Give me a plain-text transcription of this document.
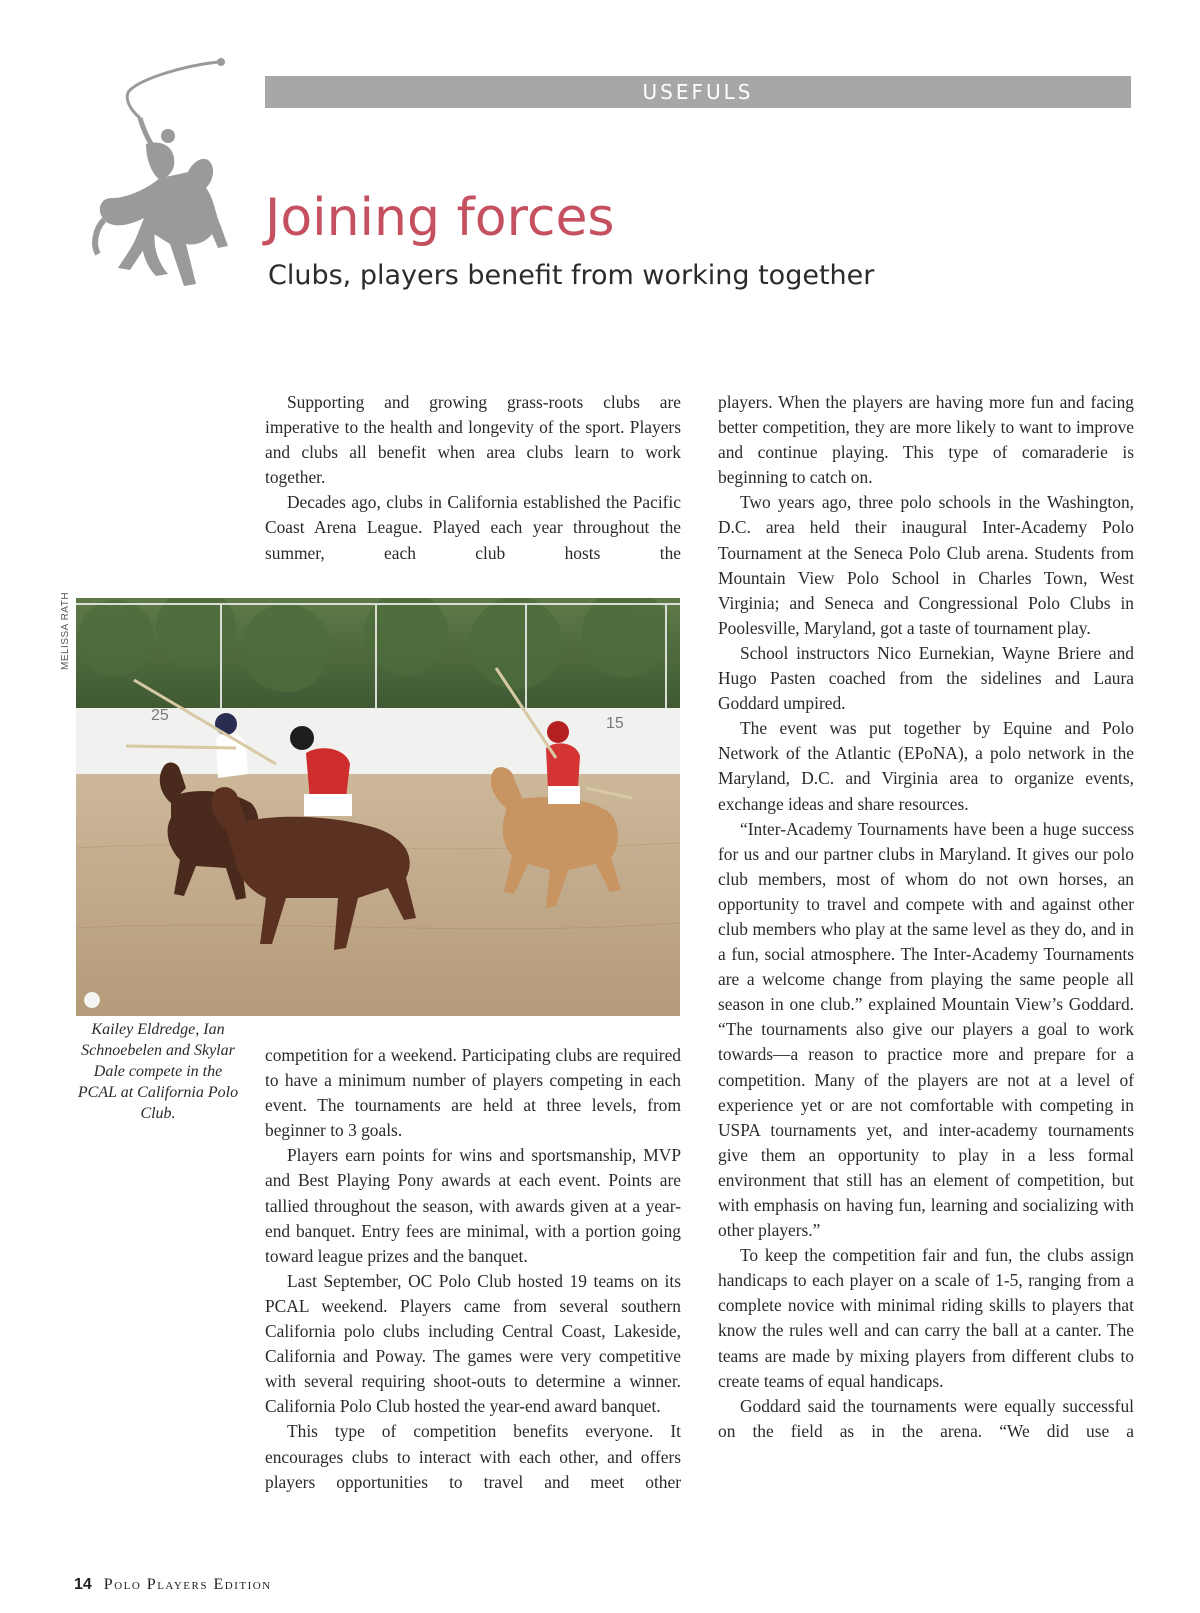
USEFULS
Joining forces
Clubs, players benefit from working together

Supporting and growing grass-roots clubs are imperative to the health and longevity of the sport. Players and clubs all benefit when area clubs learn to work together.

Decades ago, clubs in California established the Pacific Coast Arena League. Played each year throughout the summer, each club hosts the

MELISSA RATH
25	15
Kailey Eldredge, Ian Schnoebelen and Skylar Dale compete in the PCAL at California Polo Club.

competition for a weekend. Participating clubs are required to have a minimum number of players competing in each event. The tournaments are held at three levels, from beginner to 3 goals.

Players earn points for wins and sportsmanship, MVP and Best Playing Pony awards at each event. Points are tallied throughout the season, with awards given at a year-end banquet. Entry fees are minimal, with a portion going toward league prizes and the banquet.

Last September, OC Polo Club hosted 19 teams on its PCAL weekend. Players came from several southern California polo clubs including Central Coast, Lakeside, California and Poway. The games were very competitive with several requiring shoot-outs to determine a winner. California Polo Club hosted the year-end award banquet.

This type of competition benefits everyone. It encourages clubs to interact with each other, and offers players opportunities to travel and meet other

players. When the players are having more fun and facing better competition, they are more likely to want to improve and continue playing. This type of comaraderie is beginning to catch on.

Two years ago, three polo schools in the Washington, D.C. area held their inaugural Inter-Academy Polo Tournament at the Seneca Polo Club arena. Students from Mountain View Polo School in Charles Town, West Virginia; and Seneca and Congressional Polo Clubs in Poolesville, Maryland, got a taste of tournament play.

School instructors Nico Eurnekian, Wayne Briere and Hugo Pasten coached from the sidelines and Laura Goddard umpired.

The event was put together by Equine and Polo Network of the Atlantic (EPoNA), a polo network in the Maryland, D.C. and Virginia area to organize events, exchange ideas and share resources.

“Inter-Academy Tournaments have been a huge success for us and our partner clubs in Maryland. It gives our polo club members, most of whom do not own horses, an opportunity to travel and compete with and against other club members who play at the same level as they do, and in a fun, social atmosphere. The Inter-Academy Tournaments are a welcome change from playing the same people all season in one club.” explained Mountain View’s Goddard. “The tournaments also give our players a goal to work towards—a reason to practice more and prepare for a competition. Many of the players are not at a level of experience yet or are not comfortable with competing in USPA tournaments yet, and inter-academy tournaments give them an opportunity to play in a less formal environment that still has an element of competition, but with emphasis on having fun, learning and socializing with other players.”

To keep the competition fair and fun, the clubs assign handicaps to each player on a scale of 1-5, ranging from a complete novice with minimal riding skills to players that know the rules well and can carry the ball at a canter. The teams are made by mixing players from different clubs to create teams of equal handicaps.

Goddard said the tournaments were equally successful on the field as in the arena. “We did use a

14 Polo Players Edition
